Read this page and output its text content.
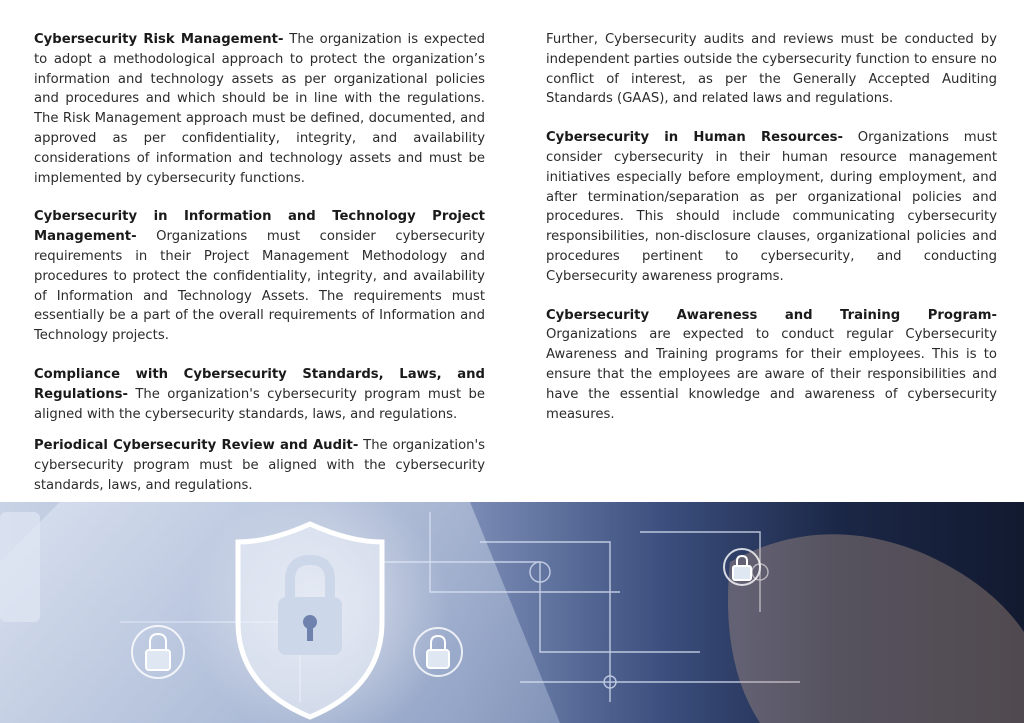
Cybersecurity Risk Management- The organization is expected to adopt a methodological approach to protect the organization’s information and technology assets as per organizational policies and procedures and which should be in line with the regulations. The Risk Management approach must be defined, documented, and approved as per confidentiality, integrity, and availability considerations of information and technology assets and must be implemented by cybersecurity functions.

Cybersecurity in Information and Technology Project Management- Organizations must consider cybersecurity requirements in their Project Management Methodology and procedures to protect the confidentiality, integrity, and availability of Information and Technology Assets. The requirements must essentially be a part of the overall requirements of Information and Technology projects.

Compliance with Cybersecurity Standards, Laws, and Regulations- The organization's cybersecurity program must be aligned with the cybersecurity standards, laws, and regulations.

Periodical Cybersecurity Review and Audit- The organization's cybersecurity program must be aligned with the cybersecurity standards, laws, and regulations.

Further, Cybersecurity audits and reviews must be conducted by independent parties outside the cybersecurity function to ensure no conflict of interest, as per the Generally Accepted Auditing Standards (GAAS), and related laws and regulations.

Cybersecurity in Human Resources- Organizations must consider cybersecurity in their human resource management initiatives especially before employment, during employment, and after termination/separation as per organizational policies and procedures. This should include communicating cybersecurity responsibilities, non-disclosure clauses, organizational policies and procedures pertinent to cybersecurity, and conducting Cybersecurity awareness programs.

Cybersecurity Awareness and Training Program- Organizations are expected to conduct regular Cybersecurity Awareness and Training programs for their employees. This is to ensure that the employees are aware of their responsibilities and have the essential knowledge and awareness of cybersecurity measures.
